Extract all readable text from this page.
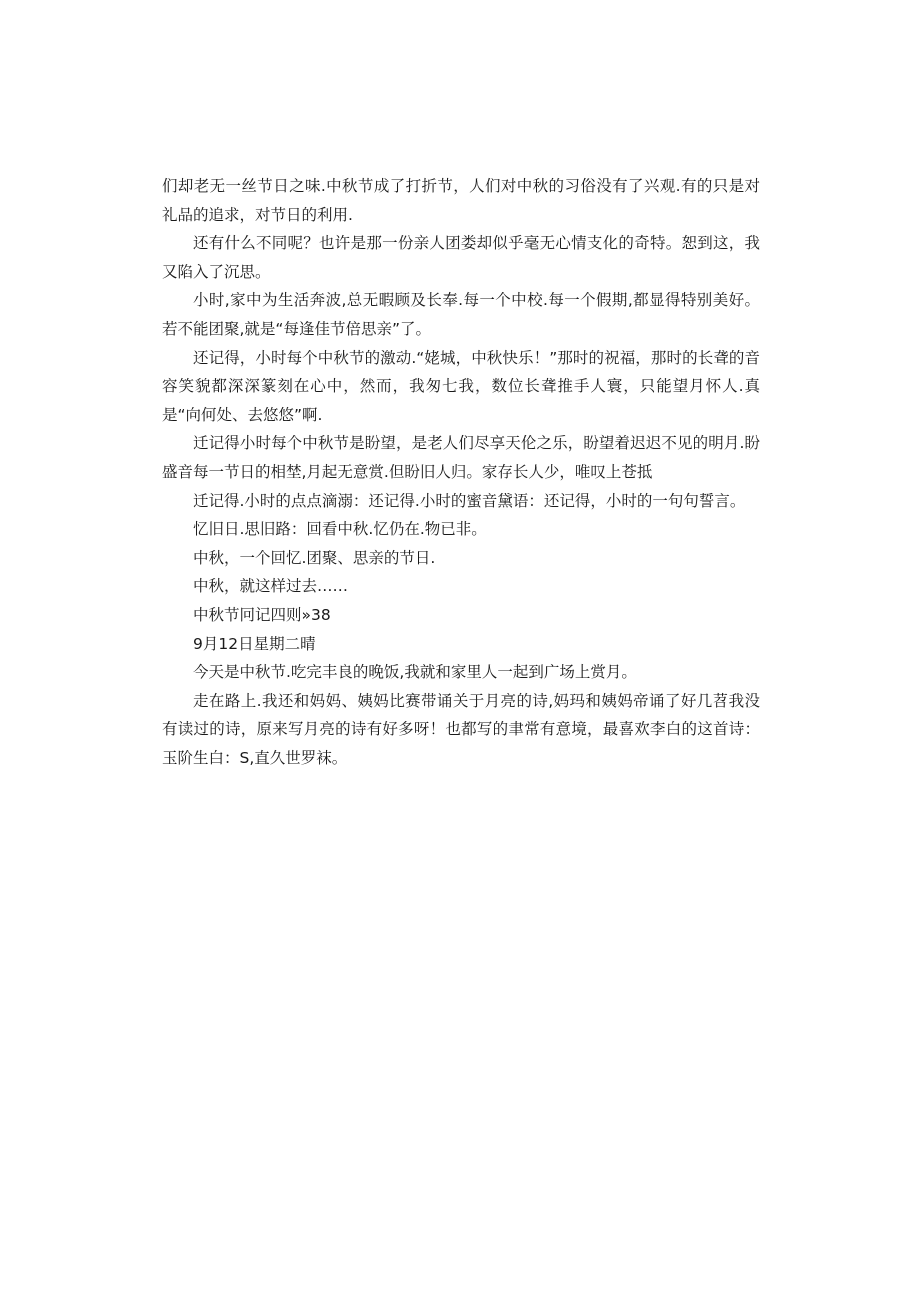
们却老无一丝节日之味.中秋节成了打折节，人们对中秋的习俗没有了兴观.有的只是对礼品的追求，对节日的利用.

还有什么不同呢？也许是那一份亲人团娄却似乎毫无心情支化的奇特。恕到这，我又陷入了沉思。

小时,家中为生活奔波,总无暇顾及长奉.每一个中校.每一个假期,都显得特别美好。若不能团聚,就是“每逢佳节倍思亲”了。

还记得，小时每个中秋节的激动.“姥城，中秋快乐！”那时的祝福，那时的长聋的音容笑貌都深深篆刻在心中，然而，我匆七我，数位长聋推手人寰，只能望月怀人.真是“向何处、去悠悠”啊.

迁记得小时每个中秋节是盼望，是老人们尽享天伦之乐，盼望着迟迟不见的明月.盼盛音每一节日的相埜,月起无意赏.但盼旧人归。家存长人少，唯叹上苍抵

迁记得.小时的点点滴溺：还记得.小时的蜜音黛语：还记得，小时的一句句誓言。

忆旧日.思旧路：回看中秋.忆仍在.物已非。

中秋，一个回忆.团聚、思亲的节日.

中秋，就这样过去……

中秋节冋记四则»38

9月12日星期二晴

今天是中秋节.吃完丰良的晚饭,我就和家里人一起到广场上赏月。

走在路上.我还和妈妈、姨妈比赛带诵关于月亮的诗,妈玛和姨妈帝诵了好几苕我没有读过的诗，原来写月亮的诗有好多呀！也都写的聿常有意境，最喜欢李白的这首诗：玉阶生白：S,直久世罗袜。
